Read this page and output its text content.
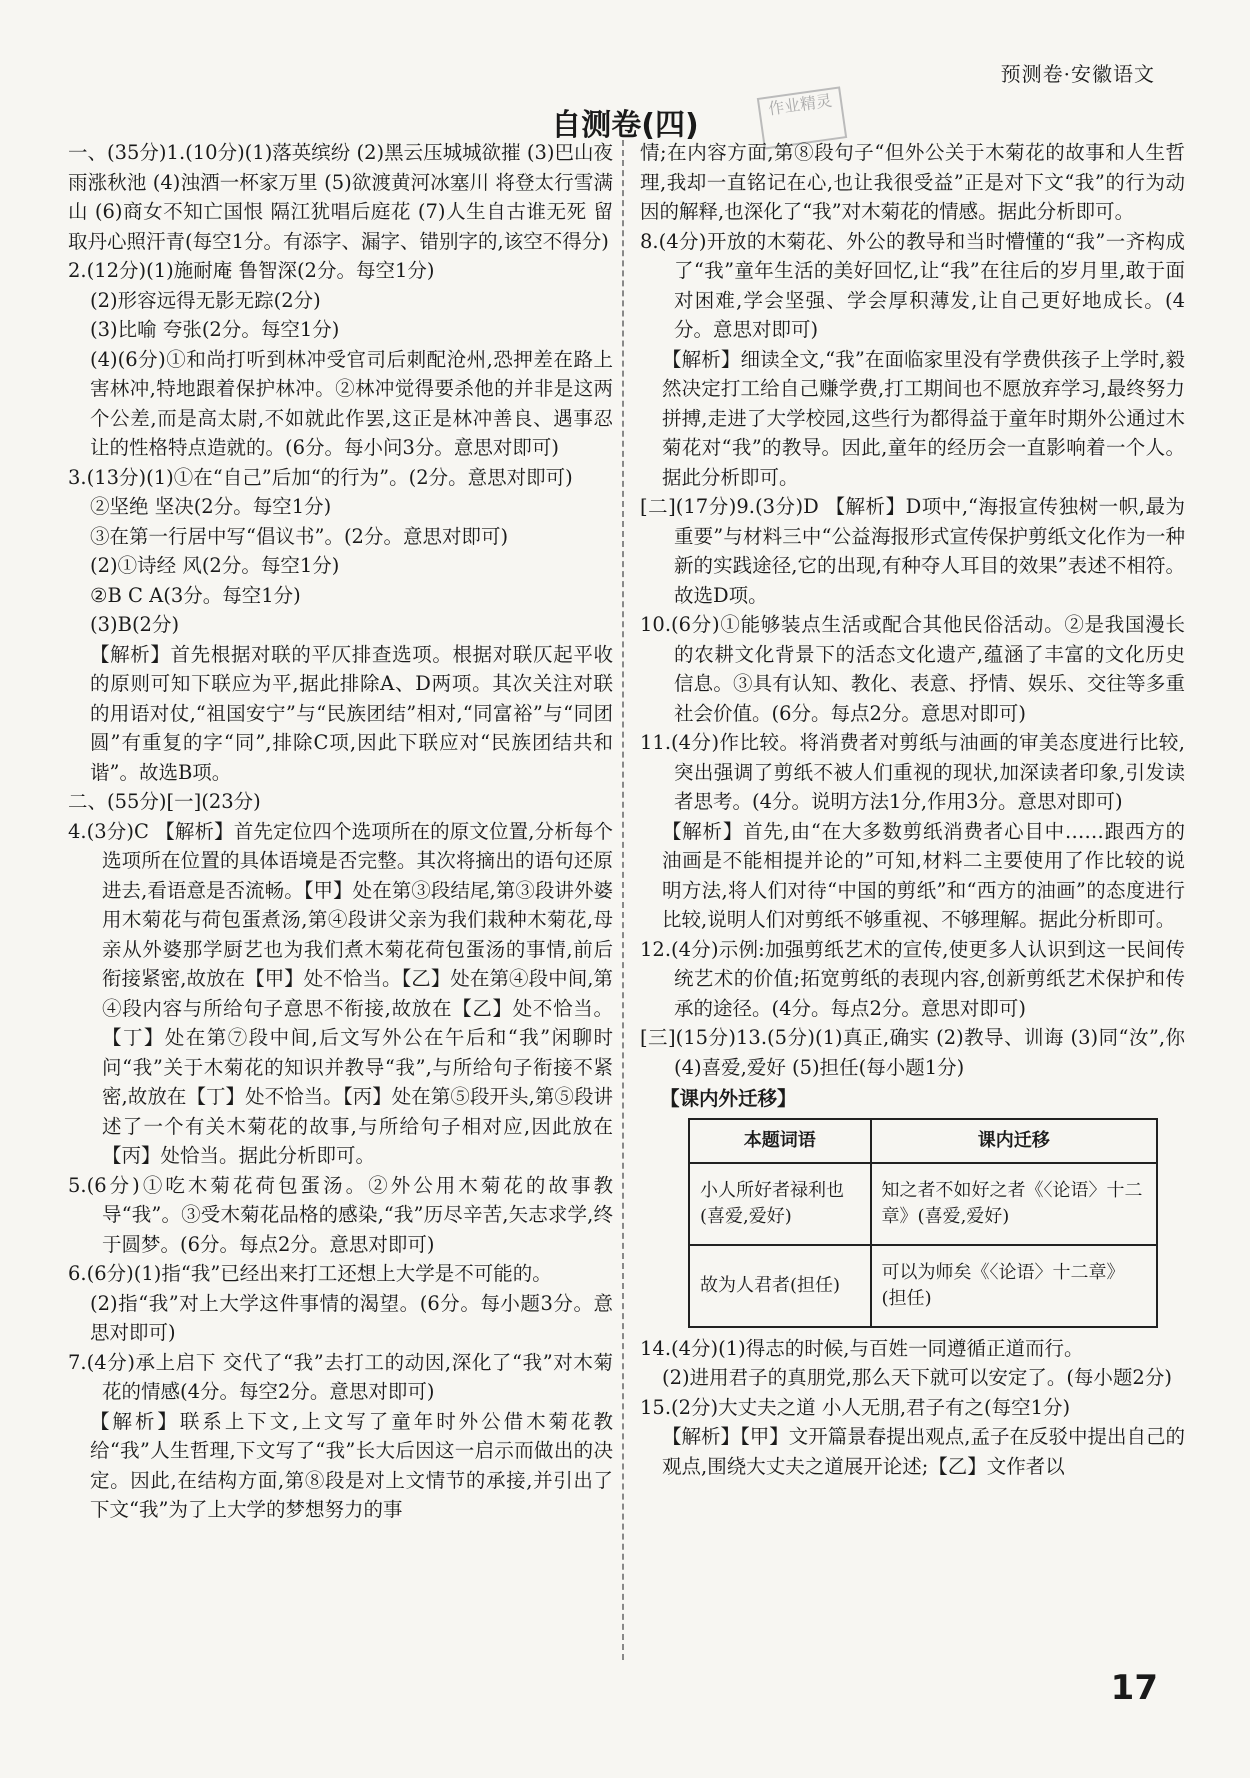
预测卷·安徽语文
自测卷(四)
作业精灵

一、(35分)1.(10分)(1)落英缤纷 (2)黑云压城城欲摧 (3)巴山夜雨涨秋池 (4)浊酒一杯家万里 (5)欲渡黄河冰塞川 将登太行雪满山 (6)商女不知亡国恨 隔江犹唱后庭花 (7)人生自古谁无死 留取丹心照汗青(每空1分。有添字、漏字、错别字的,该空不得分)

2.(12分)(1)施耐庵 鲁智深(2分。每空1分)

(2)形容远得无影无踪(2分)

(3)比喻 夸张(2分。每空1分)

(4)(6分)①和尚打听到林冲受官司后刺配沧州,恐押差在路上害林冲,特地跟着保护林冲。②林冲觉得要杀他的并非是这两个公差,而是高太尉,不如就此作罢,这正是林冲善良、遇事忍让的性格特点造就的。(6分。每小问3分。意思对即可)

3.(13分)(1)①在“自己”后加“的行为”。(2分。意思对即可)

②坚绝 坚决(2分。每空1分)

③在第一行居中写“倡议书”。(2分。意思对即可)

(2)①诗经 风(2分。每空1分)

②B C A(3分。每空1分)

(3)B(2分)

【解析】首先根据对联的平仄排查选项。根据对联仄起平收的原则可知下联应为平,据此排除A、D两项。其次关注对联的用语对仗,“祖国安宁”与“民族团结”相对,“同富裕”与“同团圆”有重复的字“同”,排除C项,因此下联应对“民族团结共和谐”。故选B项。

二、(55分)[一](23分)

4.(3分)C 【解析】首先定位四个选项所在的原文位置,分析每个选项所在位置的具体语境是否完整。其次将摘出的语句还原进去,看语意是否流畅。【甲】处在第③段结尾,第③段讲外婆用木菊花与荷包蛋煮汤,第④段讲父亲为我们栽种木菊花,母亲从外婆那学厨艺也为我们煮木菊花荷包蛋汤的事情,前后衔接紧密,故放在【甲】处不恰当。【乙】处在第④段中间,第④段内容与所给句子意思不衔接,故放在【乙】处不恰当。【丁】处在第⑦段中间,后文写外公在午后和“我”闲聊时问“我”关于木菊花的知识并教导“我”,与所给句子衔接不紧密,故放在【丁】处不恰当。【丙】处在第⑤段开头,第⑤段讲述了一个有关木菊花的故事,与所给句子相对应,因此放在【丙】处恰当。据此分析即可。

5.(6分)①吃木菊花荷包蛋汤。②外公用木菊花的故事教导“我”。③受木菊花品格的感染,“我”历尽辛苦,矢志求学,终于圆梦。(6分。每点2分。意思对即可)

6.(6分)(1)指“我”已经出来打工还想上大学是不可能的。

(2)指“我”对上大学这件事情的渴望。(6分。每小题3分。意思对即可)

7.(4分)承上启下 交代了“我”去打工的动因,深化了“我”对木菊花的情感(4分。每空2分。意思对即可)

【解析】联系上下文,上文写了童年时外公借木菊花教给“我”人生哲理,下文写了“我”长大后因这一启示而做出的决定。因此,在结构方面,第⑧段是对上文情节的承接,并引出了下文“我”为了上大学的梦想努力的事

情;在内容方面,第⑧段句子“但外公关于木菊花的故事和人生哲理,我却一直铭记在心,也让我很受益”正是对下文“我”的行为动因的解释,也深化了“我”对木菊花的情感。据此分析即可。

8.(4分)开放的木菊花、外公的教导和当时懵懂的“我”一齐构成了“我”童年生活的美好回忆,让“我”在往后的岁月里,敢于面对困难,学会坚强、学会厚积薄发,让自己更好地成长。(4分。意思对即可)

【解析】细读全文,“我”在面临家里没有学费供孩子上学时,毅然决定打工给自己赚学费,打工期间也不愿放弃学习,最终努力拼搏,走进了大学校园,这些行为都得益于童年时期外公通过木菊花对“我”的教导。因此,童年的经历会一直影响着一个人。据此分析即可。

[二](17分)9.(3分)D 【解析】D项中,“海报宣传独树一帜,最为重要”与材料三中“公益海报形式宣传保护剪纸文化作为一种新的实践途径,它的出现,有种夺人耳目的效果”表述不相符。故选D项。

10.(6分)①能够装点生活或配合其他民俗活动。②是我国漫长的农耕文化背景下的活态文化遗产,蕴涵了丰富的文化历史信息。③具有认知、教化、表意、抒情、娱乐、交往等多重社会价值。(6分。每点2分。意思对即可)

11.(4分)作比较。将消费者对剪纸与油画的审美态度进行比较,突出强调了剪纸不被人们重视的现状,加深读者印象,引发读者思考。(4分。说明方法1分,作用3分。意思对即可)

【解析】首先,由“在大多数剪纸消费者心目中……跟西方的油画是不能相提并论的”可知,材料二主要使用了作比较的说明方法,将人们对待“中国的剪纸”和“西方的油画”的态度进行比较,说明人们对剪纸不够重视、不够理解。据此分析即可。

12.(4分)示例:加强剪纸艺术的宣传,使更多人认识到这一民间传统艺术的价值;拓宽剪纸的表现内容,创新剪纸艺术保护和传承的途径。(4分。每点2分。意思对即可)

[三](15分)13.(5分)(1)真正,确实 (2)教导、训诲 (3)同“汝”,你 (4)喜爱,爱好 (5)担任(每小题1分)

【课内外迁移】
本题词语	课内迁移
小人所好者禄利也(喜爱,爱好)	知之者不如好之者《〈论语〉十二章》(喜爱,爱好)
故为人君者(担任)	可以为师矣《〈论语〉十二章》(担任)

14.(4分)(1)得志的时候,与百姓一同遵循正道而行。

(2)进用君子的真朋党,那么天下就可以安定了。(每小题2分)

15.(2分)大丈夫之道 小人无朋,君子有之(每空1分)

【解析】【甲】文开篇景春提出观点,孟子在反驳中提出自己的观点,围绕大丈夫之道展开论述;【乙】文作者以

17
